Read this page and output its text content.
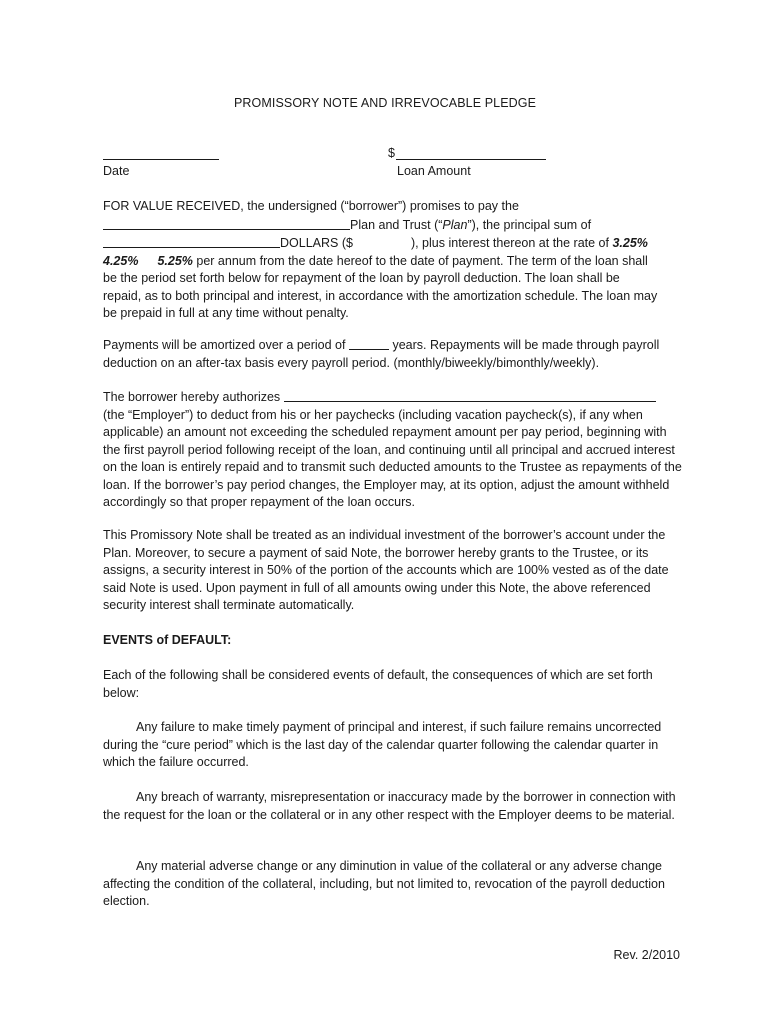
PROMISSORY NOTE AND IRREVOCABLE PLEDGE
Date
$
Loan Amount

FOR VALUE RECEIVED, the undersigned (“borrower”) promises to pay the

Plan and Trust (“Plan”), the principal sum of

DOLLARS ($	), plus interest thereon at the rate of 3.25%

4.25% 5.25% per annum from the date hereof to the date of payment. The term of the loan shall

be the period set forth below for repayment of the loan by payroll deduction. The loan shall be

repaid, as to both principal and interest, in accordance with the amortization schedule. The loan may

be prepaid in full at any time without penalty.

Payments will be amortized over a period of	years. Repayments will be made through payroll

deduction on an after-tax basis every payroll period. (monthly/biweekly/bimonthly/weekly).

The borrower hereby authorizes

(the “Employer”) to deduct from his or her paychecks (including vacation paycheck(s), if any when applicable) an amount not exceeding the scheduled repayment amount per pay period, beginning with the first payroll period following receipt of the loan, and continuing until all principal and accrued interest on the loan is entirely repaid and to transmit such deducted amounts to the Trustee as repayments of the loan. If the borrower’s pay period changes, the Employer may, at its option, adjust the amount withheld accordingly so that proper repayment of the loan occurs.

This Promissory Note shall be treated as an individual investment of the borrower’s account under the Plan. Moreover, to secure a payment of said Note, the borrower hereby grants to the Trustee, or its assigns, a security interest in 50% of the portion of the accounts which are 100% vested as of the date said Note is used. Upon payment in full of all amounts owing under this Note, the above referenced security interest shall terminate automatically.

EVENTS of DEFAULT:

Each of the following shall be considered events of default, the consequences of which are set forth below:

Any failure to make timely payment of principal and interest, if such failure remains uncorrected during the “cure period” which is the last day of the calendar quarter following the calendar quarter in which the failure occurred.

Any breach of warranty, misrepresentation or inaccuracy made by the borrower in connection with the request for the loan or the collateral or in any other respect with the Employer deems to be material.

Any material adverse change or any diminution in value of the collateral or any adverse change affecting the condition of the collateral, including, but not limited to, revocation of the payroll deduction election.

Rev. 2/2010
